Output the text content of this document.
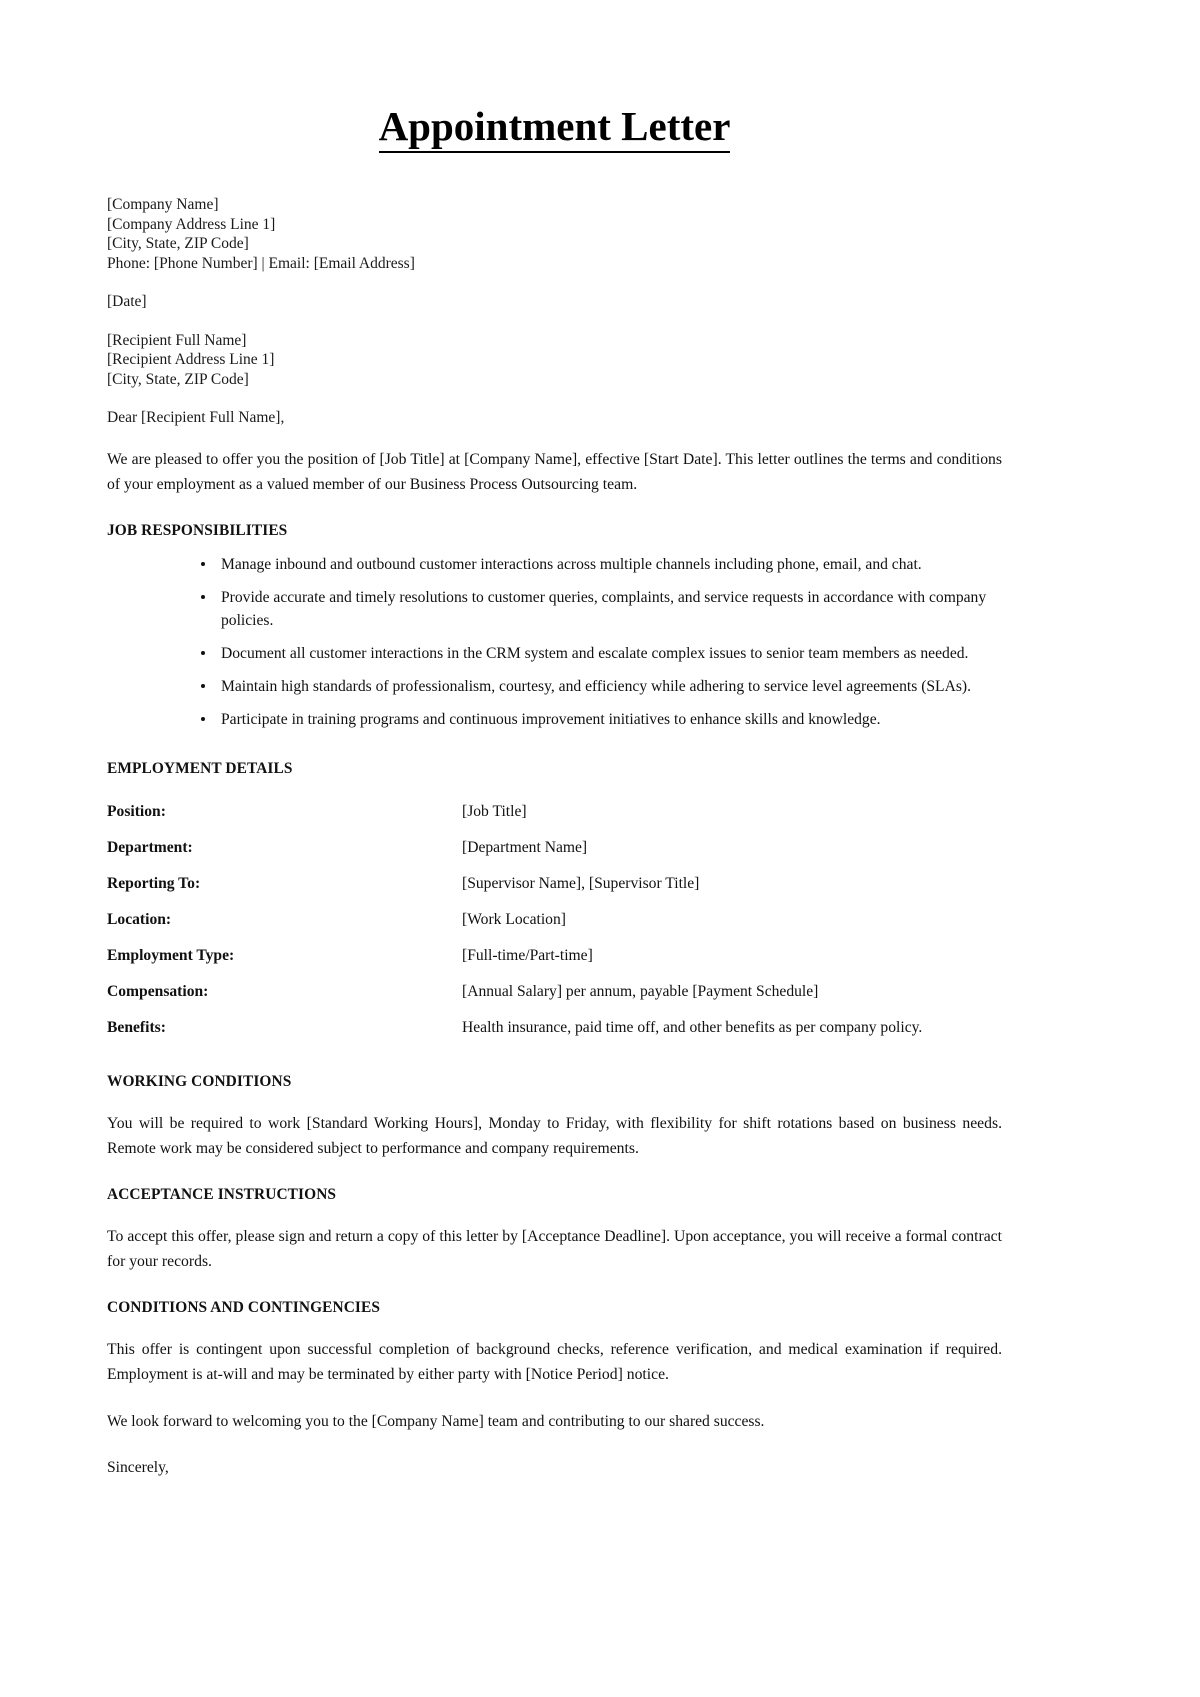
Appointment Letter
[Company Name]
[Company Address Line 1]
[City, State, ZIP Code]
Phone: [Phone Number] | Email: [Email Address]
[Date]
[Recipient Full Name]
[Recipient Address Line 1]
[City, State, ZIP Code]
Dear [Recipient Full Name],

We are pleased to offer you the position of [Job Title] at [Company Name], effective [Start Date]. This letter outlines the terms and conditions of your employment as a valued member of our Business Process Outsourcing team.

JOB RESPONSIBILITIES
Manage inbound and outbound customer interactions across multiple channels including phone, email, and chat.
Provide accurate and timely resolutions to customer queries, complaints, and service requests in accordance with company policies.
Document all customer interactions in the CRM system and escalate complex issues to senior team members as needed.
Maintain high standards of professionalism, courtesy, and efficiency while adhering to service level agreements (SLAs).
Participate in training programs and continuous improvement initiatives to enhance skills and knowledge.
EMPLOYMENT DETAILS
Position:	[Job Title]
Department:	[Department Name]
Reporting To:	[Supervisor Name], [Supervisor Title]
Location:	[Work Location]
Employment Type:	[Full-time/Part-time]
Compensation:	[Annual Salary] per annum, payable [Payment Schedule]
Benefits:	Health insurance, paid time off, and other benefits as per company policy.
WORKING CONDITIONS

You will be required to work [Standard Working Hours], Monday to Friday, with flexibility for shift rotations based on business needs. Remote work may be considered subject to performance and company requirements.

ACCEPTANCE INSTRUCTIONS

To accept this offer, please sign and return a copy of this letter by [Acceptance Deadline]. Upon acceptance, you will receive a formal contract for your records.

CONDITIONS AND CONTINGENCIES

This offer is contingent upon successful completion of background checks, reference verification, and medical examination if required. Employment is at-will and may be terminated by either party with [Notice Period] notice.

We look forward to welcoming you to the [Company Name] team and contributing to our shared success.
Sincerely,
